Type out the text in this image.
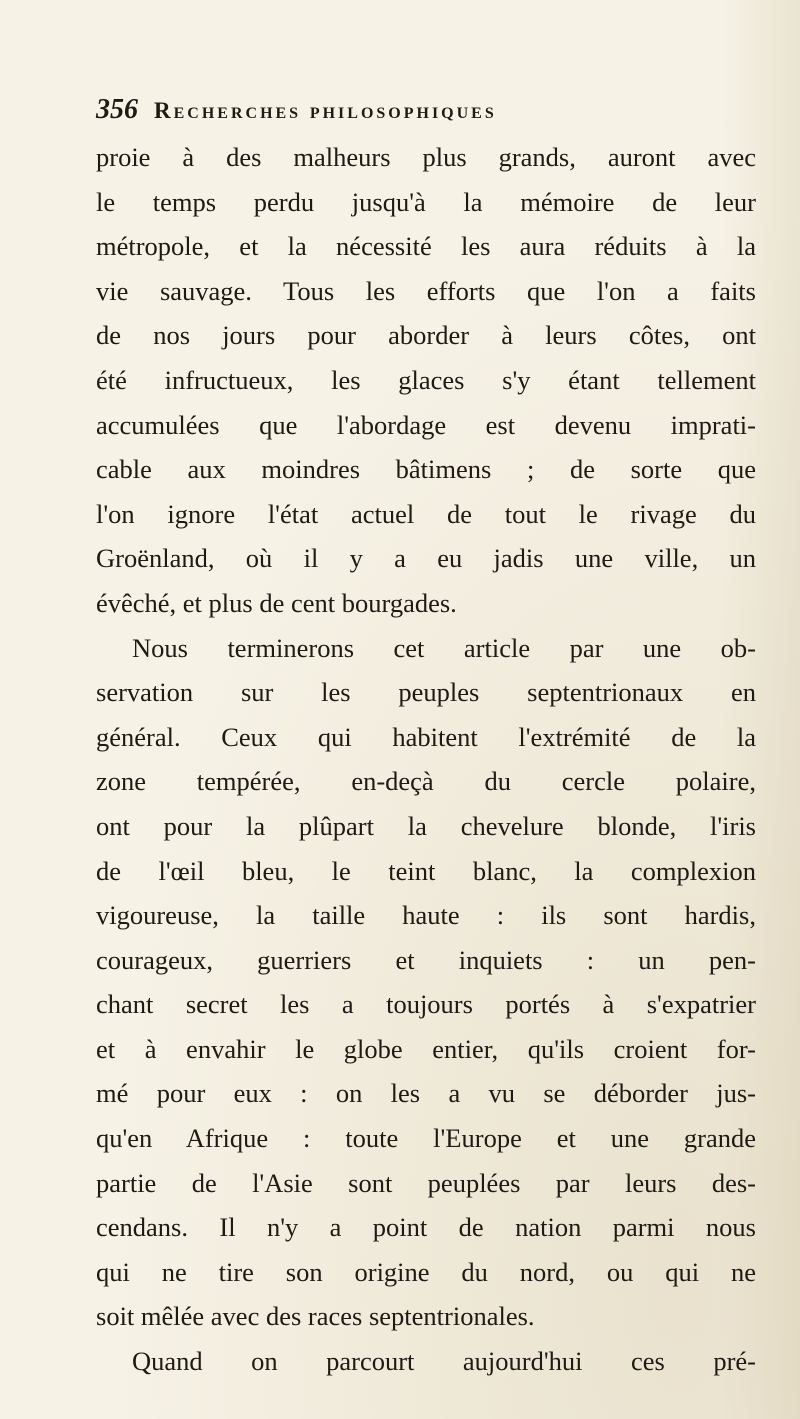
356 Recherches philosophiques
proie à des malheurs plus grands, auront avec
le temps perdu jusqu'à la mémoire de leur
métropole, et la nécessité les aura réduits à la
vie sauvage. Tous les efforts que l'on a faits
de nos jours pour aborder à leurs côtes, ont
été infructueux, les glaces s'y étant tellement
accumulées que l'abordage est devenu imprati-
cable aux moindres bâtimens ; de sorte que
l'on ignore l'état actuel de tout le rivage du
Groënland, où il y a eu jadis une ville, un
évêché, et plus de cent bourgades.
Nous terminerons cet article par une ob-
servation sur les peuples septentrionaux en
général. Ceux qui habitent l'extrémité de la
zone tempérée, en-deçà du cercle polaire,
ont pour la plûpart la chevelure blonde, l'iris
de l'œil bleu, le teint blanc, la complexion
vigoureuse, la taille haute : ils sont hardis,
courageux, guerriers et inquiets : un pen-
chant secret les a toujours portés à s'expatrier
et à envahir le globe entier, qu'ils croient for-
mé pour eux : on les a vu se déborder jus-
qu'en Afrique : toute l'Europe et une grande
partie de l'Asie sont peuplées par leurs des-
cendans. Il n'y a point de nation parmi nous
qui ne tire son origine du nord, ou qui ne
soit mêlée avec des races septentrionales.
Quand on parcourt aujourd'hui ces pré-
